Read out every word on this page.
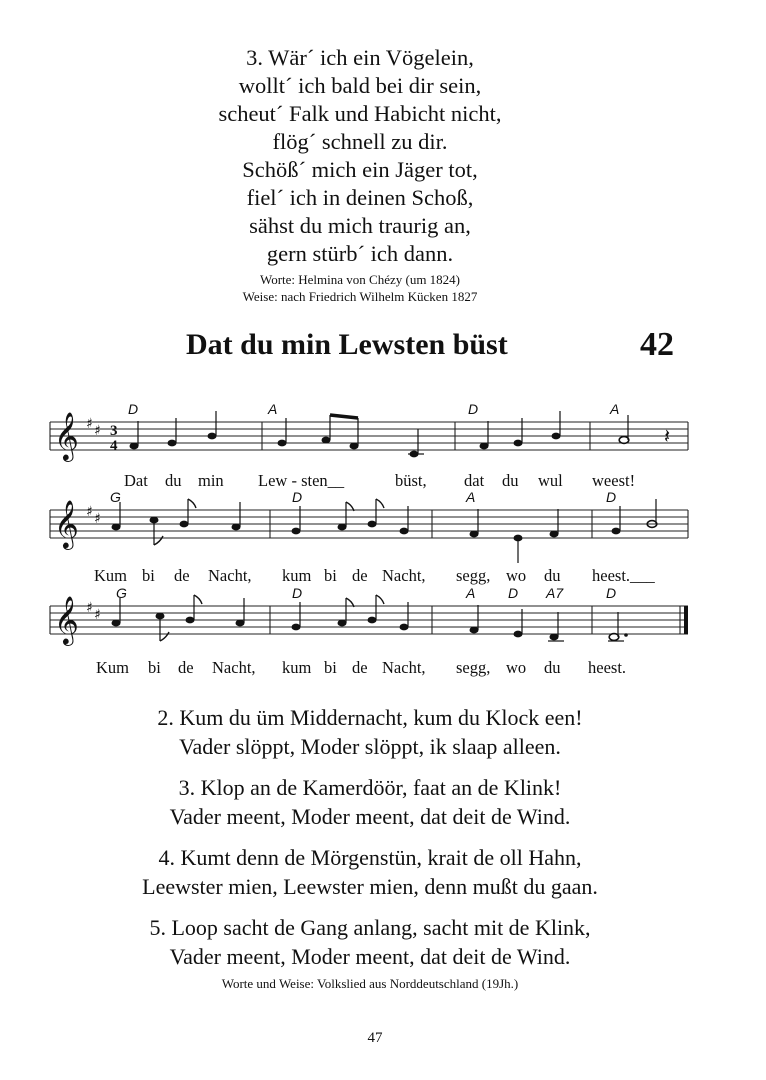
3. Wär´ ich ein Vögelein,
wollt´ ich bald bei dir sein,
scheut´ Falk und Habicht nicht,
flög´ schnell zu dir.
Schöß´ mich ein Jäger tot,
fiel´ ich in deinen Schoß,
sähst du mich traurig an,
gern stürb´ ich dann.
Worte: Helmina von Chézy (um 1824)
Weise: nach Friedrich Wilhelm Kücken 1827
Dat du min Lewsten büst	42
𝄞 ♯ ♯ 3
4	𝄽
D	A	D	A
Dat du min Lew - sten__	büst, dat du wul weest!
𝄞 ♯ ♯
G	D	A	D
Kum bi de Nacht, kum bi de Nacht, segg, wo du heest.___
𝄞 ♯ ♯
G	D	A D A7	D
Kum bi de Nacht, kum bi de Nacht, segg, wo du heest.
2. Kum du üm Middernacht, kum du Klock een!
Vader slöppt, Moder slöppt, ik slaap alleen.
3. Klop an de Kamerdöör, faat an de Klink!
Vader meent, Moder meent, dat deit de Wind.
4. Kumt denn de Mörgenstün, krait de oll Hahn,
Leewster mien, Leewster mien, denn mußt du gaan.
5. Loop sacht de Gang anlang, sacht mit de Klink,
Vader meent, Moder meent, dat deit de Wind.
Worte und Weise: Volkslied aus Norddeutschland (19Jh.)
47
